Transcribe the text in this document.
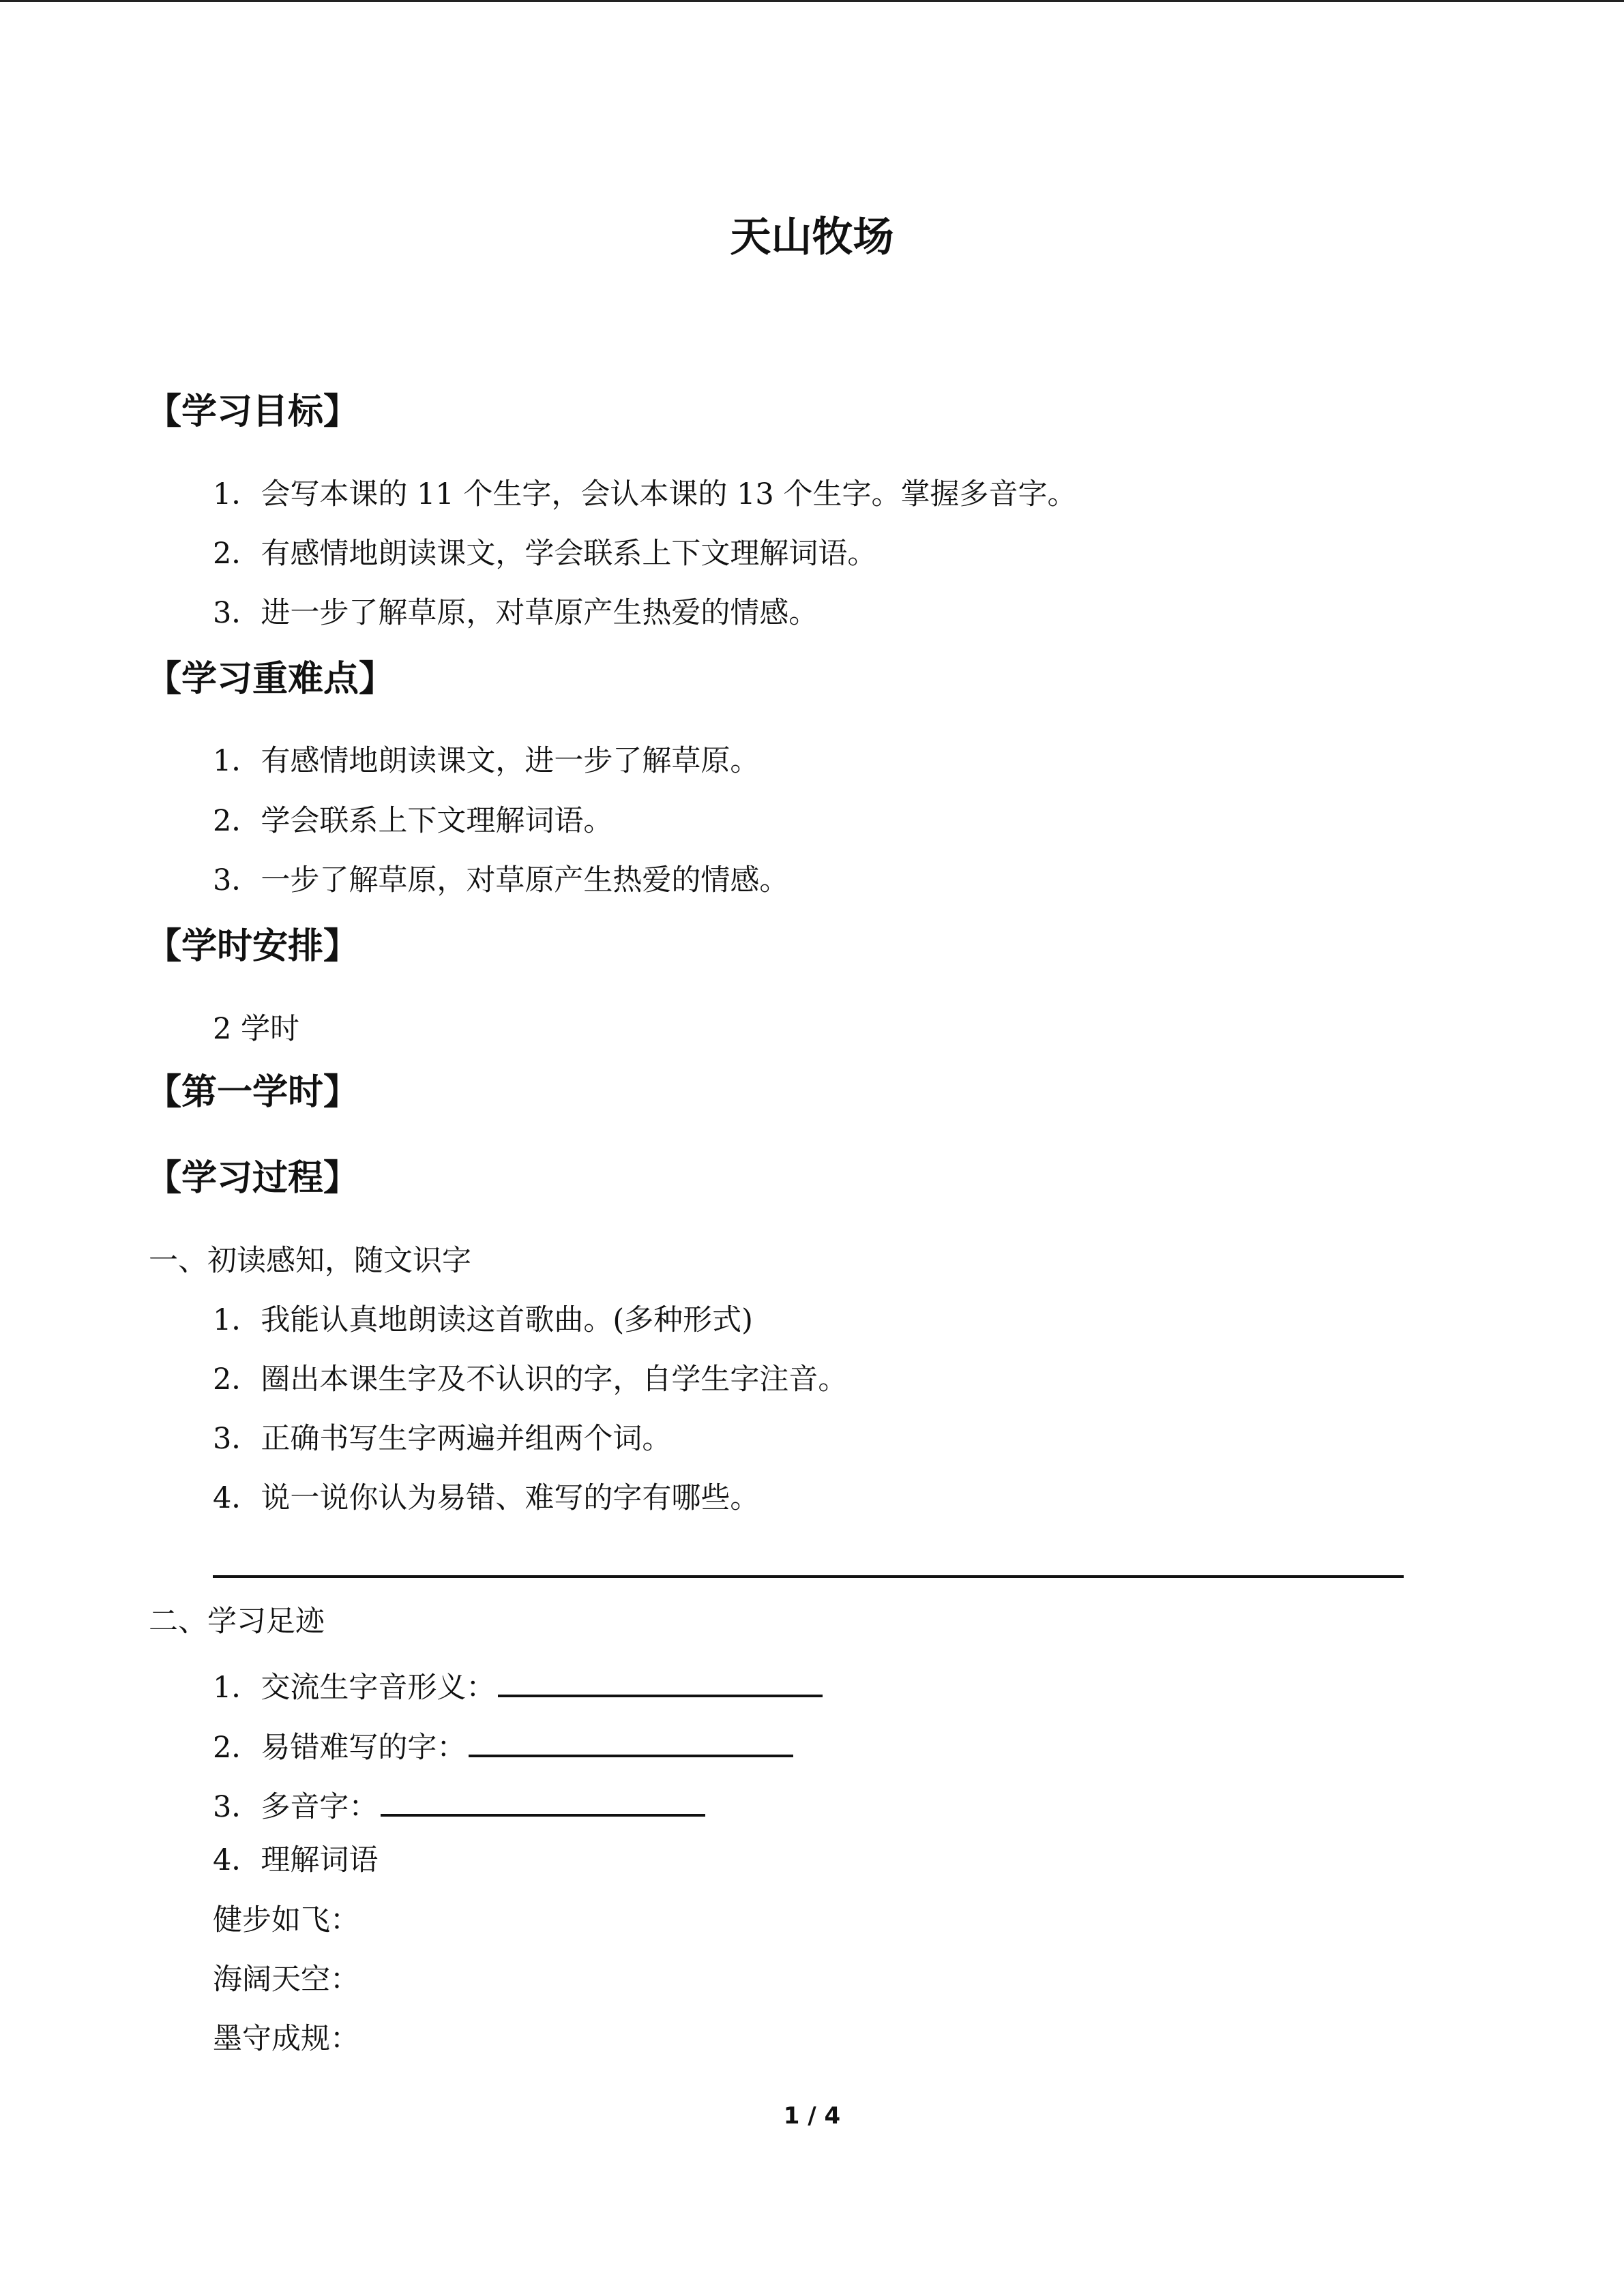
天山牧场
【学习目标】
1．会写本课的 11 个生字，会认本课的 13 个生字。掌握多音字。
2．有感情地朗读课文，学会联系上下文理解词语。
3．进一步了解草原，对草原产生热爱的情感。
【学习重难点】
1．有感情地朗读课文，进一步了解草原。
2．学会联系上下文理解词语。
3．一步了解草原，对草原产生热爱的情感。
【学时安排】
2 学时
【第一学时】
【学习过程】
一、初读感知，随文识字
1．我能认真地朗读这首歌曲。(多种形式)
2．圈出本课生字及不认识的字，自学生字注音。
3．正确书写生字两遍并组两个词。
4．说一说你认为易错、难写的字有哪些。
二、学习足迹
1．交流生字音形义：
2．易错难写的字：
3．多音字：
4．理解词语
健步如飞：
海阔天空：
墨守成规：
1 / 4
